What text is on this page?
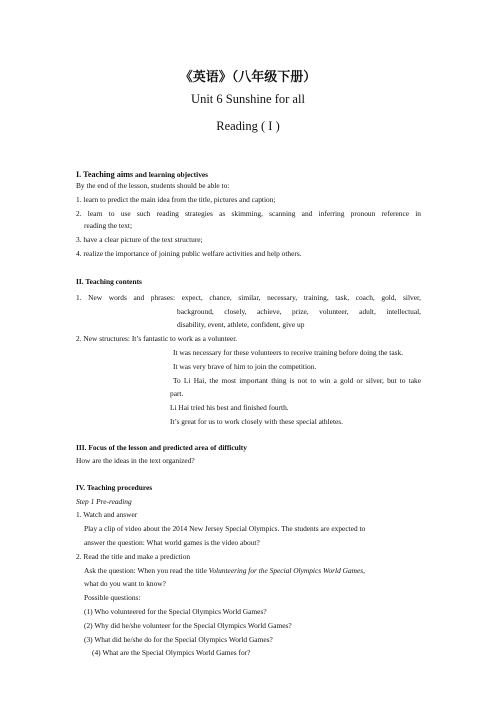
《英语》（八年级下册）
Unit 6 Sunshine for all
Reading ( I )
I. Teaching aims and learning objectives
By the end of the lesson, students should be able to:
1. learn to predict the main idea from the title, pictures and caption;
2. learn to use such reading strategies as skimming, scanning and inferring pronoun reference in
reading the text;
3. have a clear picture of the text structure;
4. realize the importance of joining public welfare activities and help others.
II. Teaching contents
1. New words and phrases: expect, chance, similar, necessary, training, task, coach, gold, silver,
background, closely, achieve, prize, volunteer, adult, intellectual,
disability, event, athlete, confident, give up
2. New structures: It’s fantastic to work as a volunteer.
It was necessary for these volunteers to receive training before doing the task.
It was very brave of him to join the competition.
To Li Hai, the most important thing is not to win a gold or silver, but to take
part.
Li Hai tried his best and finished fourth.
It’s great for us to work closely with these special athletes.
III. Focus of the lesson and predicted area of difficulty
How are the ideas in the text organized?
IV. Teaching procedures
Step 1 Pre-reading
1. Watch and answer
Play a clip of video about the 2014 New Jersey Special Olympics. The students are expected to
answer the question: What world games is the video about?
2. Read the title and make a prediction
Ask the question: When you read the title Volunteering for the Special Olympics World Games,
what do you want to know?
Possible questions:
(1) Who volunteered for the Special Olympics World Games?
(2) Why did he/she volunteer for the Special Olympics World Games?
(3) What did he/she do for the Special Olympics World Games?
(4) What are the Special Olympics World Games for?
